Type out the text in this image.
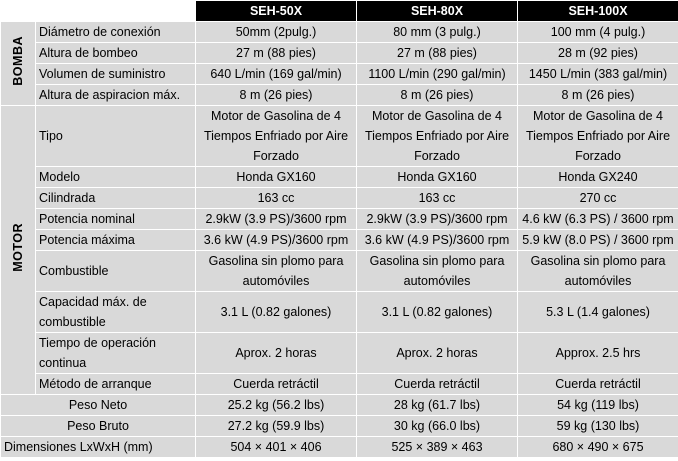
		SEH-50X	SEH-80X	SEH-100X
BOMBA	Diámetro de conexión	50mm (2pulg.)	80 mm (3 pulg.)	100 mm (4 pulg.)
	Altura de bombeo	27 m (88 pies)	27 m (88 pies)	28 m (92 pies)
	Volumen de suministro	640 L/min (169 gal/min)	1100 L/min (290 gal/min)	1450 L/min (383 gal/min)
	Altura de aspiracion máx.	8 m (26 pies)	8 m (26 pies)	8 m (26 pies)
MOTOR	Tipo	Motor de Gasolina de 4 Tiempos Enfriado por Aire Forzado	Motor de Gasolina de 4 Tiempos Enfriado por Aire Forzado	Motor de Gasolina de 4 Tiempos Enfriado por Aire Forzado
	Modelo	Honda GX160	Honda GX160	Honda GX240
	Cilindrada	163 cc	163 cc	270 cc
	Potencia nominal	2.9kW (3.9 PS)/3600 rpm	2.9kW (3.9 PS)/3600 rpm	4.6 kW (6.3 PS) / 3600 rpm
	Potencia máxima	3.6 kW (4.9 PS)/3600 rpm	3.6 kW (4.9 PS)/3600 rpm	5.9 kW (8.0 PS) / 3600 rpm
	Combustible	Gasolina sin plomo para automóviles	Gasolina sin plomo para automóviles	Gasolina sin plomo para automóviles
	Capacidad máx. de combustible	3.1 L (0.82 galones)	3.1 L (0.82 galones)	5.3 L (1.4 galones)
	Tiempo de operación continua	Aprox. 2 horas	Aprox. 2 horas	Approx. 2.5 hrs
	Método de arranque	Cuerda retráctil	Cuerda retráctil	Cuerda retráctil
Peso Neto		25.2 kg (56.2 lbs)	28 kg (61.7 lbs)	54 kg (119 lbs)
Peso Bruto		27.2 kg (59.9 lbs)	30 kg (66.0 lbs)	59 kg (130 lbs)
Dimensiones LxWxH (mm)		504 × 401 × 406	525 × 389 × 463	680 × 490 × 675
